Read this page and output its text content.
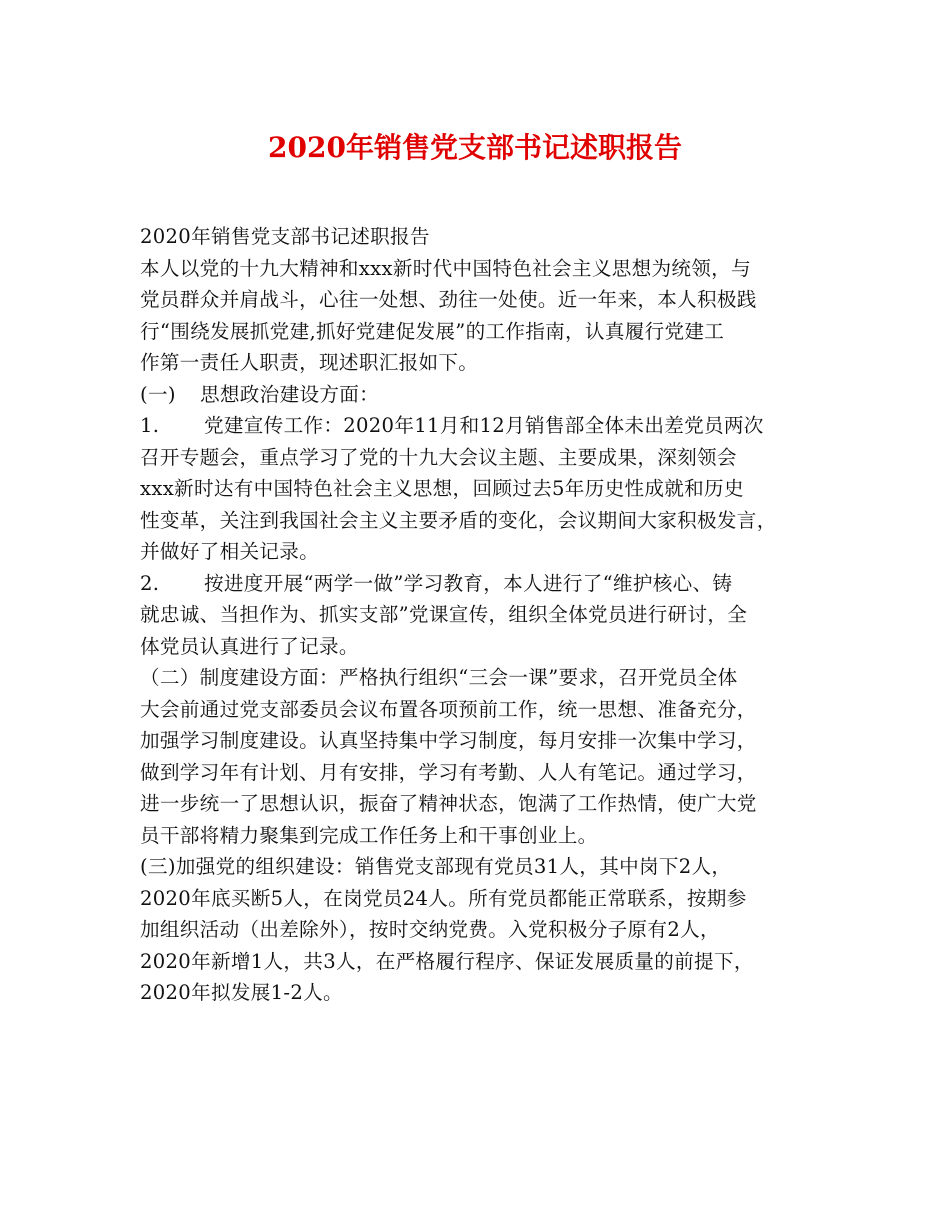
2020年销售党支部书记述职报告
2020年销售党支部书记述职报告
本人以党的十九大精神和xxx新时代中国特色社会主义思想为统领，与
党员群众并肩战斗，心往一处想、劲往一处使。近一年来，本人积极践
行“围绕发展抓党建,抓好党建促发展”的工作指南，认真履行党建工
作第一责任人职责，现述职汇报如下。
(一) 思想政治建设方面：
1. 党建宣传工作：2020年11月和12月销售部全体未出差党员两次
召开专题会，重点学习了党的十九大会议主题、主要成果，深刻领会
xxx新时达有中国特色社会主义思想，回顾过去5年历史性成就和历史
性变革，关注到我国社会主义主要矛盾的变化，会议期间大家积极发言，
并做好了相关记录。
2. 按进度开展“两学一做”学习教育，本人进行了“维护核心、铸
就忠诚、当担作为、抓实支部”党课宣传，组织全体党员进行研讨，全
体党员认真进行了记录。
（二）制度建设方面：严格执行组织“三会一课”要求，召开党员全体
大会前通过党支部委员会议布置各项预前工作，统一思想、准备充分，
加强学习制度建设。认真坚持集中学习制度，每月安排一次集中学习，
做到学习年有计划、月有安排，学习有考勤、人人有笔记。通过学习，
进一步统一了思想认识，振奋了精神状态，饱满了工作热情，使广大党
员干部将精力聚集到完成工作任务上和干事创业上。
(三)加强党的组织建设：销售党支部现有党员31人，其中岗下2人，
2020年底买断5人，在岗党员24人。所有党员都能正常联系，按期参
加组织活动（出差除外），按时交纳党费。入党积极分子原有2人，
2020年新增1人，共3人，在严格履行程序、保证发展质量的前提下，
2020年拟发展1-2人。
